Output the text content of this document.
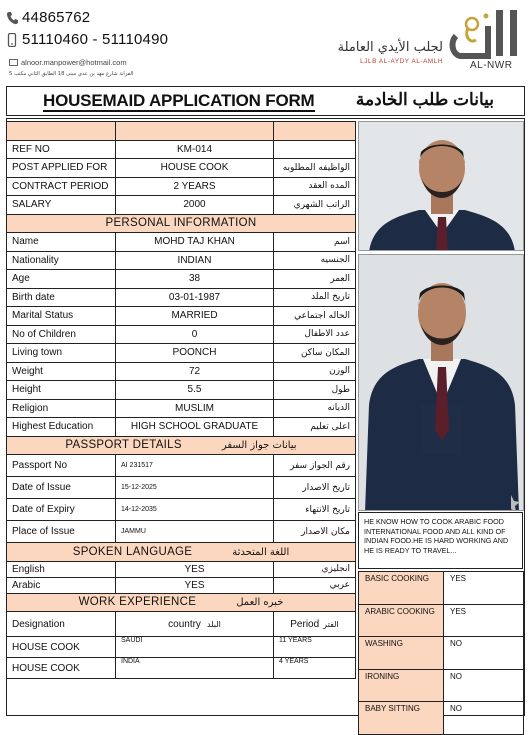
44865762
51110460 - 51110490
alnoor.manpower@hotmail.com
الفرانة شارع مهد بن عدي مبنى 18 الطابق الثاني مكتب 5
لجلب الأيدي العاملة
LJLB AL-AYDY AL-AMLH	AL-NWR
HOUSEMAID APPLICATION FORM بيانات طلب الخادمة

REF NO	KM-014	
POST APPLIED FOR	HOUSE COOK	الواظيفه المطلوبه
CONTRACT PERIOD	2 YEARS	المده العقد
SALARY	2000	الراتب الشهري
PERSONAL INFORMATION		
Name	MOHD TAJ KHAN	اسم
Nationality	INDIAN	الجنسيه
Age	38	العمر
Birth date	03-01-1987	تاريخ الملد
Marital Status	MARRIED	الحاله اجتماعي
No of Children	0	عدد الاطفال
Living town	POONCH	المكان ساكن
Weight	72	الوزن
Height	5.5	طول
Religion	MUSLIM	الديانه
Highest Education	HIGH SCHOOL GRADUATE	اعلى تعليم
PASSPORT DETAILS بيانات جواز السفر		
Passport No	AI 231517	رقم الجواز سفر
Date of Issue	15-12-2025	تاريخ الاصدار
Date of Expiry	14-12-2035	تاريخ الانتهاء
Place of Issue	JAMMU	مكان الاصدار
SPOKEN LANGUAGE اللغة المتحدثة		
English	YES	انجليزي
Arabic	YES	عربي
WORK EXPERIENCE خبره العمل		
Designation	country البلد	Period الفتر
HOUSE COOK	SAUDI	11 YEARS
HOUSE COOK	INDIA	4 YEARS
HE KNOW HOW TO COOK ARABIC FOOD INTERNATIONAL FOOD AND ALL KIND OF INDIAN FOOD.HE IS HARD WORKING AND HE IS READY TO TRAVEL...
BASIC COOKING	YES
ARABIC COOKING	YES
WASHING	NO
IRONING	NO
BABY SITTING	NO
